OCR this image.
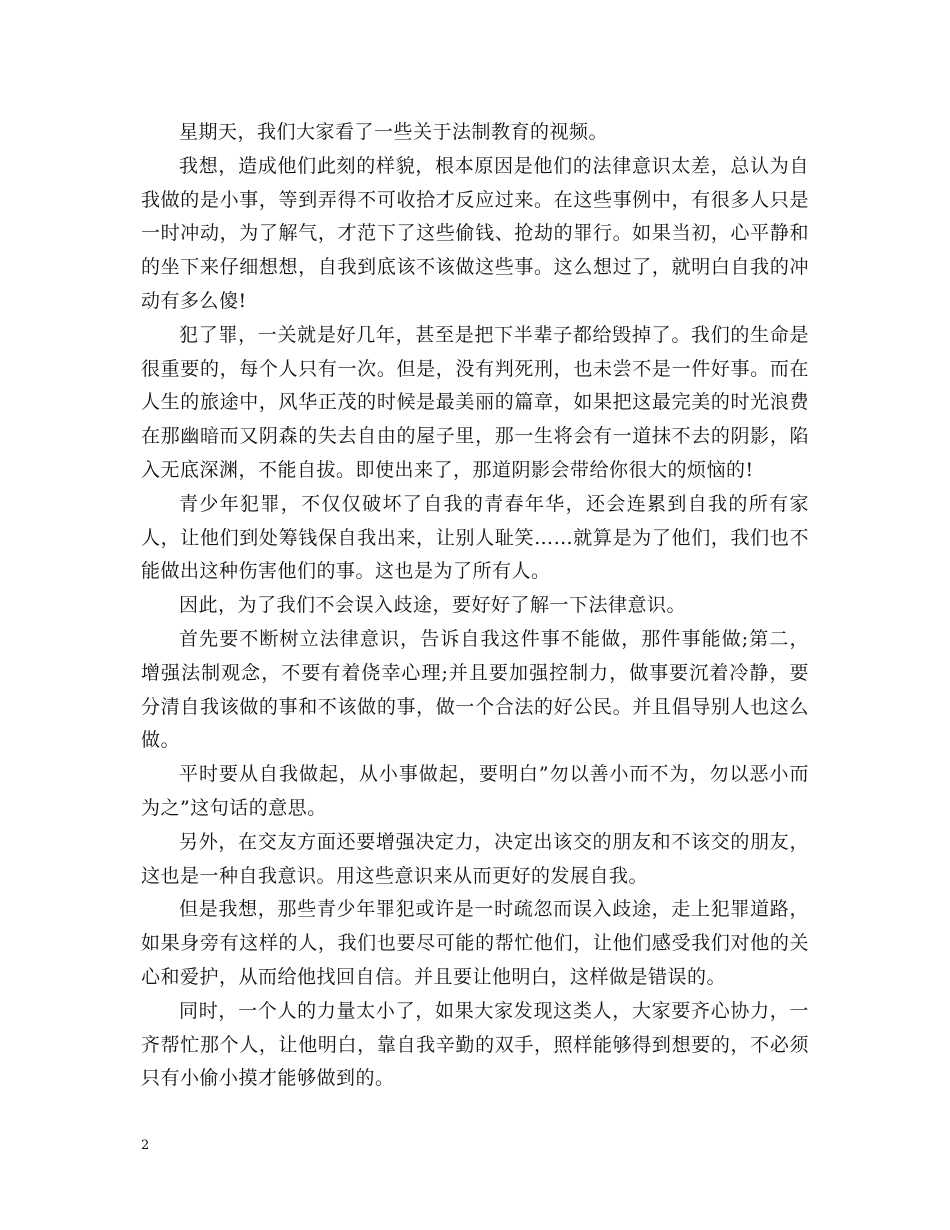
星期天，我们大家看了一些关于法制教育的视频。

我想，造成他们此刻的样貌，根本原因是他们的法律意识太差，总认为自我做的是小事，等到弄得不可收拾才反应过来。在这些事例中，有很多人只是一时冲动，为了解气，才范下了这些偷钱、抢劫的罪行。如果当初，心平静和的坐下来仔细想想，自我到底该不该做这些事。这么想过了，就明白自我的冲动有多么傻!

犯了罪，一关就是好几年，甚至是把下半辈子都给毁掉了。我们的生命是很重要的，每个人只有一次。但是，没有判死刑，也未尝不是一件好事。而在人生的旅途中，风华正茂的时候是最美丽的篇章，如果把这最完美的时光浪费在那幽暗而又阴森的失去自由的屋子里，那一生将会有一道抹不去的阴影，陷入无底深渊，不能自拔。即使出来了，那道阴影会带给你很大的烦恼的!

青少年犯罪，不仅仅破坏了自我的青春年华，还会连累到自我的所有家人，让他们到处筹钱保自我出来，让别人耻笑……就算是为了他们，我们也不能做出这种伤害他们的事。这也是为了所有人。

因此，为了我们不会误入歧途，要好好了解一下法律意识。

首先要不断树立法律意识，告诉自我这件事不能做，那件事能做;第二，增强法制观念，不要有着侥幸心理;并且要加强控制力，做事要沉着冷静，要分清自我该做的事和不该做的事，做一个合法的好公民。并且倡导别人也这么做。

平时要从自我做起，从小事做起，要明白”勿以善小而不为，勿以恶小而为之”这句话的意思。

另外，在交友方面还要增强决定力，决定出该交的朋友和不该交的朋友，这也是一种自我意识。用这些意识来从而更好的发展自我。

但是我想，那些青少年罪犯或许是一时疏忽而误入歧途，走上犯罪道路，如果身旁有这样的人，我们也要尽可能的帮忙他们，让他们感受我们对他的关心和爱护，从而给他找回自信。并且要让他明白，这样做是错误的。

同时，一个人的力量太小了，如果大家发现这类人，大家要齐心协力，一齐帮忙那个人，让他明白，靠自我辛勤的双手，照样能够得到想要的，不必须只有小偷小摸才能够做到的。

2
